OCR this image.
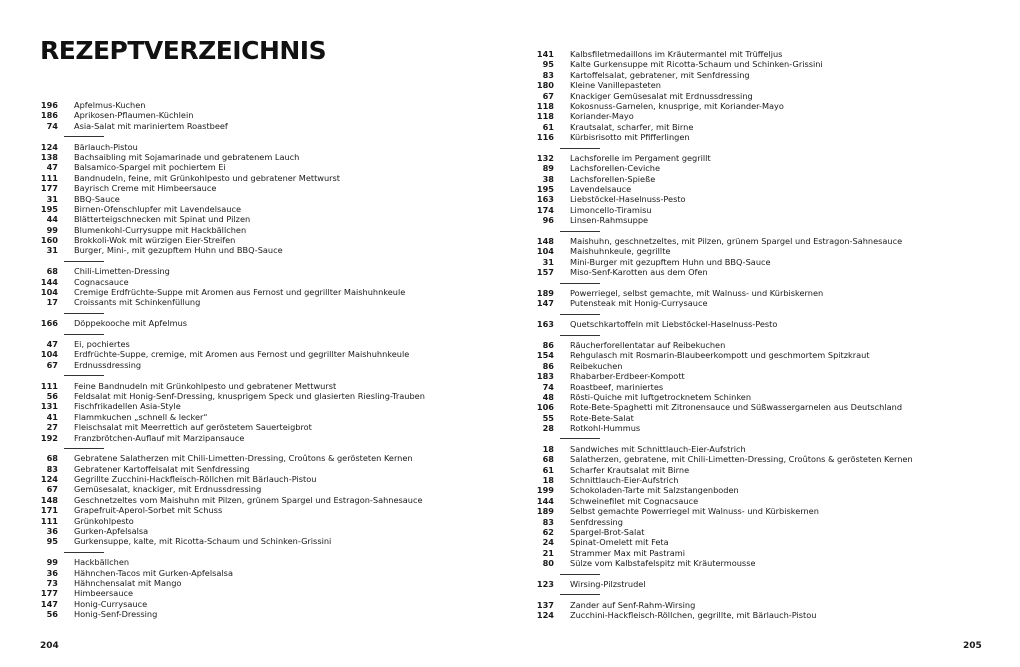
REZEPTVERZEICHNIS
196	Apfelmus-Kuchen
186	Aprikosen-Pflaumen-Küchlein
74	Asia-Salat mit mariniertem Roastbeef
124	Bärlauch-Pistou
138	Bachsaibling mit Sojamarinade und gebratenem Lauch
47	Balsamico-Spargel mit pochiertem Ei
111	Bandnudeln, feine, mit Grünkohlpesto und gebratener Mettwurst
177	Bayrisch Creme mit Himbeersauce
31	BBQ-Sauce
195	Birnen-Ofenschlupfer mit Lavendelsauce
44	Blätterteigschnecken mit Spinat und Pilzen
99	Blumenkohl-Currysuppe mit Hackbällchen
160	Brokkoli-Wok mit würzigen Eier-Streifen
31	Burger, Mini-, mit gezupftem Huhn und BBQ-Sauce
68	Chili-Limetten-Dressing
144	Cognacsauce
104	Cremige Erdfrüchte-Suppe mit Aromen aus Fernost und gegrillter Maishuhnkeule
17	Croissants mit Schinkenfüllung
166	Döppekooche mit Apfelmus
47	Ei, pochiertes
104	Erdfrüchte-Suppe, cremige, mit Aromen aus Fernost und gegrillter Maishuhnkeule
67	Erdnussdressing
111	Feine Bandnudeln mit Grünkohlpesto und gebratener Mettwurst
56	Feldsalat mit Honig-Senf-Dressing, knusprigem Speck und glasierten Riesling-Trauben
131	Fischfrikadellen Asia-Style
41	Flammkuchen „schnell & lecker“
27	Fleischsalat mit Meerrettich auf geröstetem Sauerteigbrot
192	Franzbrötchen-Auflauf mit Marzipansauce
68	Gebratene Salatherzen mit Chili-Limetten-Dressing, Croûtons & gerösteten Kernen
83	Gebratener Kartoffelsalat mit Senfdressing
124	Gegrillte Zucchini-Hackfleisch-Röllchen mit Bärlauch-Pistou
67	Gemüsesalat, knackiger, mit Erdnussdressing
148	Geschnetzeltes vom Maishuhn mit Pilzen, grünem Spargel und Estragon-Sahnesauce
171	Grapefruit-Aperol-Sorbet mit Schuss
111	Grünkohlpesto
36	Gurken-Apfelsalsa
95	Gurkensuppe, kalte, mit Ricotta-Schaum und Schinken-Grissini
99	Hackbällchen
36	Hähnchen-Tacos mit Gurken-Apfelsalsa
73	Hähnchensalat mit Mango
177	Himbeersauce
147	Honig-Currysauce
56	Honig-Senf-Dressing
141	Kalbsfiletmedaillons im Kräutermantel mit Trüffeljus
95	Kalte Gurkensuppe mit Ricotta-Schaum und Schinken-Grissini
83	Kartoffelsalat, gebratener, mit Senfdressing
180	Kleine Vanillepasteten
67	Knackiger Gemüsesalat mit Erdnussdressing
118	Kokosnuss-Garnelen, knusprige, mit Koriander-Mayo
118	Koriander-Mayo
61	Krautsalat, scharfer, mit Birne
116	Kürbisrisotto mit Pfifferlingen
132	Lachsforelle im Pergament gegrillt
89	Lachsforellen-Ceviche
38	Lachsforellen-Spieße
195	Lavendelsauce
163	Liebstöckel-Haselnuss-Pesto
174	Limoncello-Tiramisu
96	Linsen-Rahmsuppe
148	Maishuhn, geschnetzeltes, mit Pilzen, grünem Spargel und Estragon-Sahnesauce
104	Maishuhnkeule, gegrillte
31	Mini-Burger mit gezupftem Huhn und BBQ-Sauce
157	Miso-Senf-Karotten aus dem Ofen
189	Powerriegel, selbst gemachte, mit Walnuss- und Kürbiskernen
147	Putensteak mit Honig-Currysauce
163	Quetschkartoffeln mit Liebstöckel-Haselnuss-Pesto
86	Räucherforellentatar auf Reibekuchen
154	Rehgulasch mit Rosmarin-Blaubeerkompott und geschmortem Spitzkraut
86	Reibekuchen
183	Rhabarber-Erdbeer-Kompott
74	Roastbeef, mariniertes
48	Rösti-Quiche mit luftgetrocknetem Schinken
106	Rote-Bete-Spaghetti mit Zitronensauce und Süßwassergarnelen aus Deutschland
55	Rote-Bete-Salat
28	Rotkohl-Hummus
18	Sandwiches mit Schnittlauch-Eier-Aufstrich
68	Salatherzen, gebratene, mit Chili-Limetten-Dressing, Croûtons & gerösteten Kernen
61	Scharfer Krautsalat mit Birne
18	Schnittlauch-Eier-Aufstrich
199	Schokoladen-Tarte mit Salzstangenboden
144	Schweinefilet mit Cognacsauce
189	Selbst gemachte Powerriegel mit Walnuss- und Kürbiskernen
83	Senfdressing
62	Spargel-Brot-Salat
24	Spinat-Omelett mit Feta
21	Strammer Max mit Pastrami
80	Sülze vom Kalbstafelspitz mit Kräutermousse
123	Wirsing-Pilzstrudel
137	Zander auf Senf-Rahm-Wirsing
124	Zucchini-Hackfleisch-Röllchen, gegrillte, mit Bärlauch-Pistou
204	205
